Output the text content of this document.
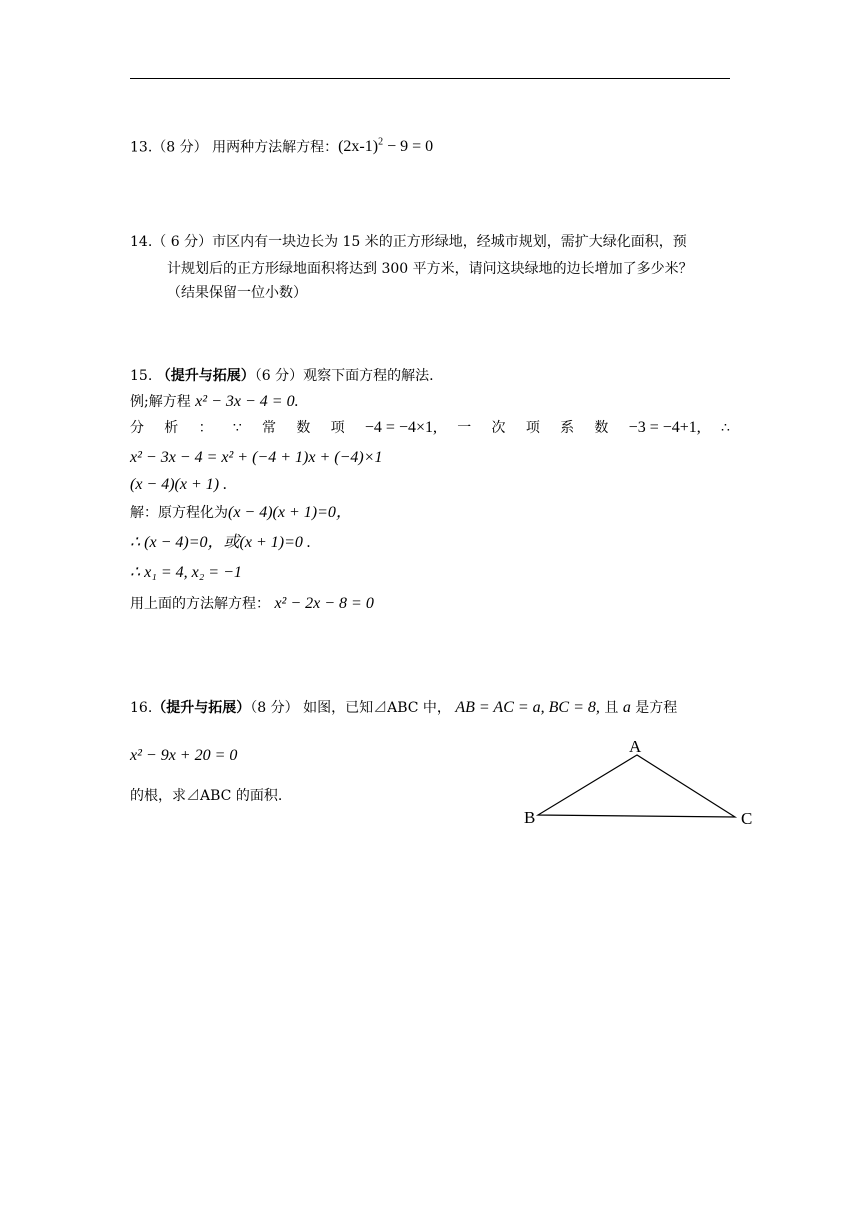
13.（8 分） 用两种方法解方程：$(2x-1)^2 - 9 = 0$
14.（ 6 分）市区内有一块边长为 15 米的正方形绿地，经城市规划，需扩大绿化面积，预
计规划后的正方形绿地面积将达到 300 平方米，请问这块绿地的边长增加了多少米？
（结果保留一位小数）
15. （提升与拓展）（6 分）观察下面方程的解法.
例;解方程 x² − 3x − 4 = 0.
分 析 ： ∵ 常 数 项 −4 = −4×1, 一 次 项 系 数 −3 = −4+1, ∴
x² − 3x − 4 = x² + (−4 + 1)x + (−4)×1
(x − 4)(x + 1) .
解：原方程化为(x − 4)(x + 1)=0，
∴ (x − 4)=0，或(x + 1)=0 .
∴ x₁ = 4, x₂ = −1
用上面的方法解方程： x² − 2x − 8 = 0
16.（提升与拓展）（8 分） 如图，已知⊿ABC 中， AB = AC = a, BC = 8, 且 a 是方程
x² − 9x + 20 = 0
的根，求⊿ABC 的面积.
A
B	C
